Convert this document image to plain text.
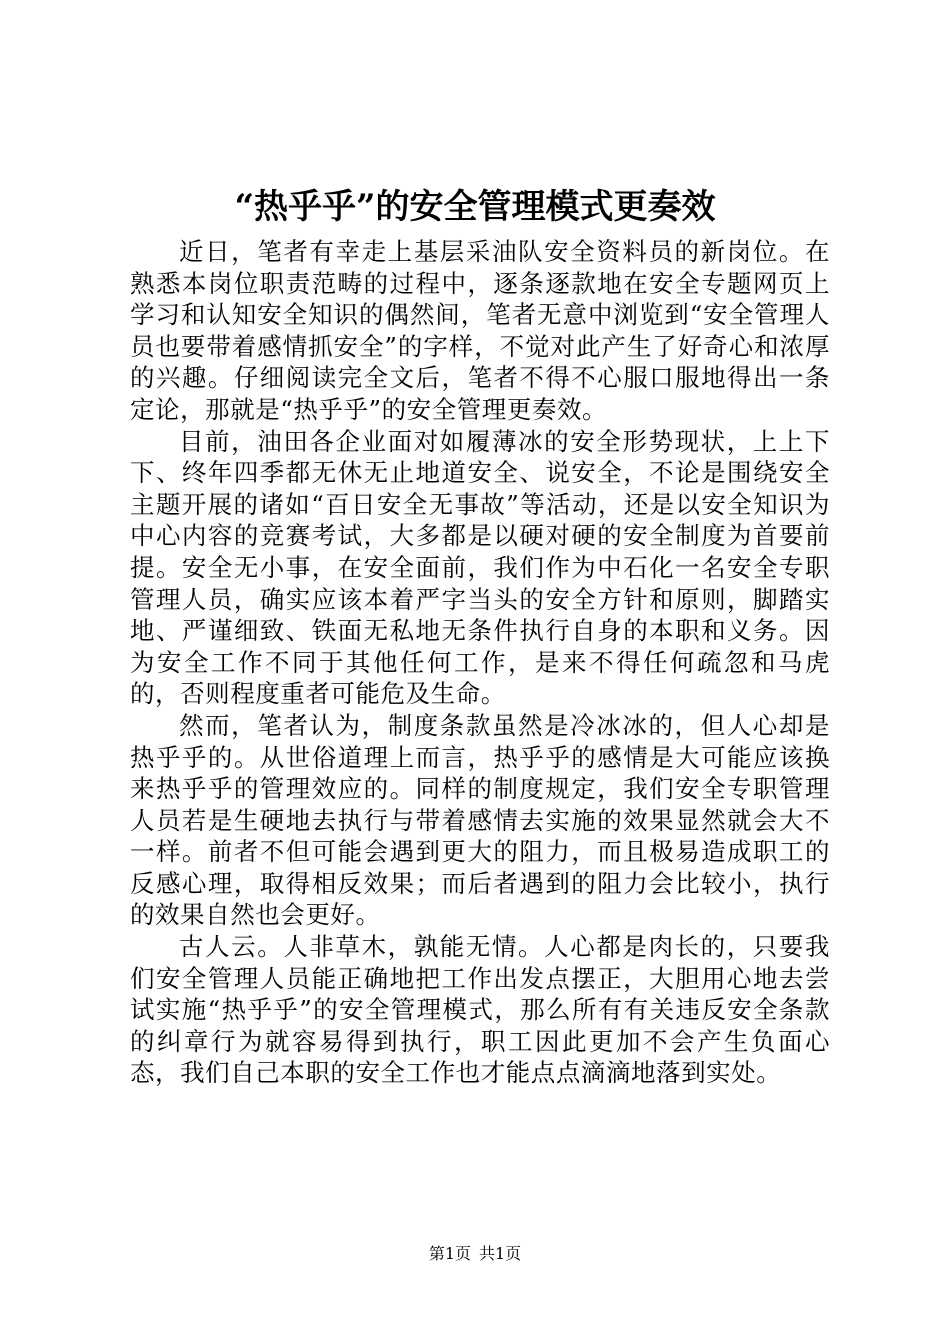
“热乎乎”的安全管理模式更奏效

近日，笔者有幸走上基层采油队安全资料员的新岗位。在熟悉本岗位职责范畴的过程中，逐条逐款地在安全专题网页上学习和认知安全知识的偶然间，笔者无意中浏览到“安全管理人员也要带着感情抓安全”的字样，不觉对此产生了好奇心和浓厚的兴趣。仔细阅读完全文后，笔者不得不心服口服地得出一条定论，那就是“热乎乎”的安全管理更奏效。

目前，油田各企业面对如履薄冰的安全形势现状，上上下下、终年四季都无休无止地道安全、说安全，不论是围绕安全主题开展的诸如“百日安全无事故”等活动，还是以安全知识为中心内容的竞赛考试，大多都是以硬对硬的安全制度为首要前提。安全无小事，在安全面前，我们作为中石化一名安全专职管理人员，确实应该本着严字当头的安全方针和原则，脚踏实地、严谨细致、铁面无私地无条件执行自身的本职和义务。因为安全工作不同于其他任何工作，是来不得任何疏忽和马虎的，否则程度重者可能危及生命。

然而，笔者认为，制度条款虽然是冷冰冰的，但人心却是热乎乎的。从世俗道理上而言，热乎乎的感情是大可能应该换来热乎乎的管理效应的。同样的制度规定，我们安全专职管理人员若是生硬地去执行与带着感情去实施的效果显然就会大不一样。前者不但可能会遇到更大的阻力，而且极易造成职工的反感心理，取得相反效果；而后者遇到的阻力会比较小，执行的效果自然也会更好。

古人云。人非草木，孰能无情。人心都是肉长的，只要我们安全管理人员能正确地把工作出发点摆正，大胆用心地去尝试实施“热乎乎”的安全管理模式，那么所有有关违反安全条款的纠章行为就容易得到执行，职工因此更加不会产生负面心态，我们自己本职的安全工作也才能点点滴滴地落到实处。

第1页 共1页
